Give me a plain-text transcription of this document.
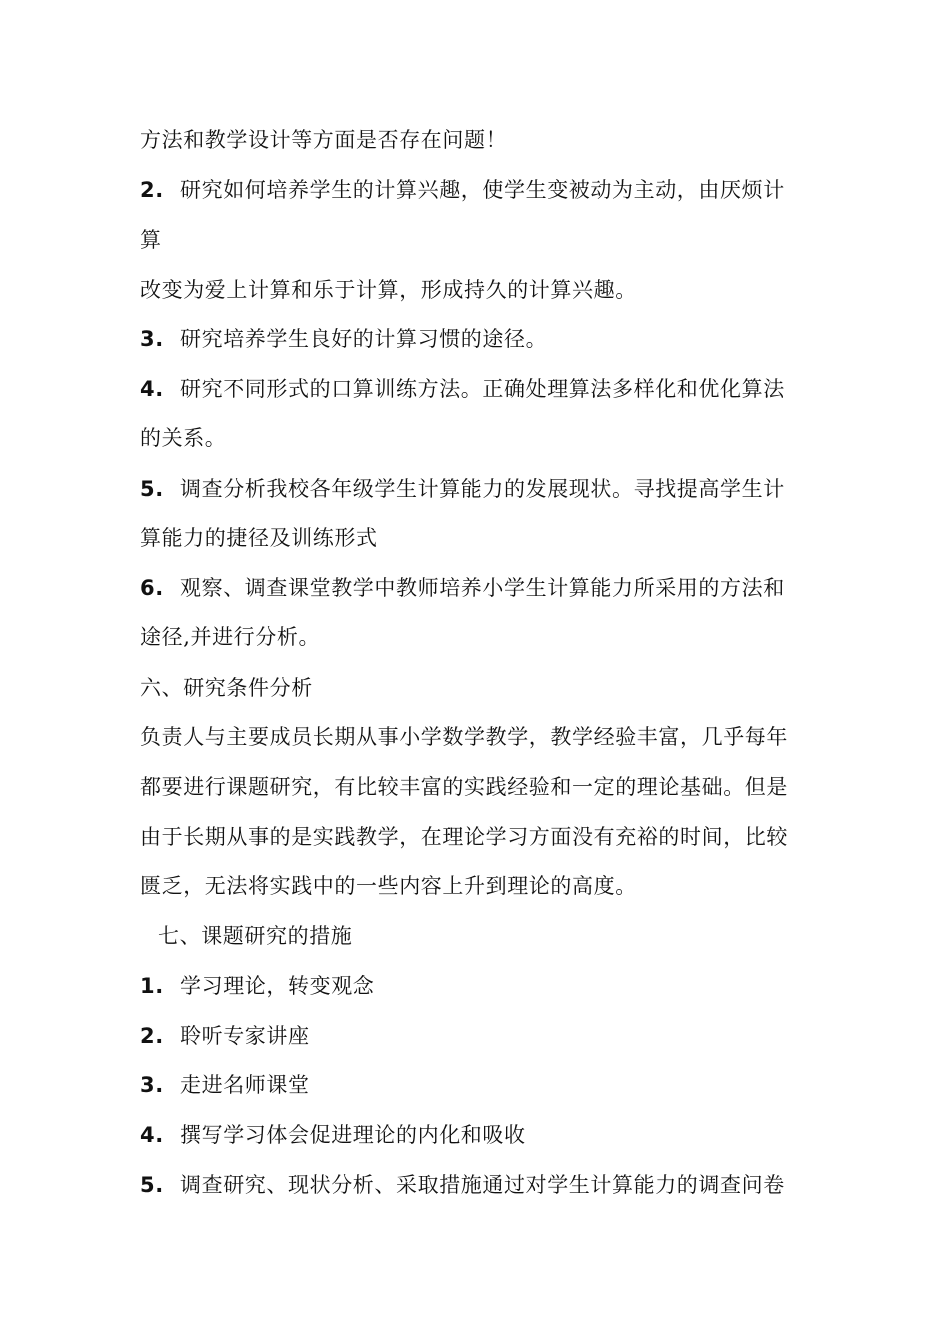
方法和教学设计等方面是否存在问题！
2. 研究如何培养学生的计算兴趣，使学生变被动为主动，由厌烦计
算
改变为爱上计算和乐于计算，形成持久的计算兴趣。
3. 研究培养学生良好的计算习惯的途径。
4. 研究不同形式的口算训练方法。正确处理算法多样化和优化算法
的关系。
5. 调查分析我校各年级学生计算能力的发展现状。寻找提高学生计
算能力的捷径及训练形式
6. 观察、调查课堂教学中教师培养小学生计算能力所采用的方法和
途径,并进行分析。
六、研究条件分析
负责人与主要成员长期从事小学数学教学，教学经验丰富，几乎每年
都要进行课题研究，有比较丰富的实践经验和一定的理论基础。但是
由于长期从事的是实践教学，在理论学习方面没有充裕的时间，比较
匮乏，无法将实践中的一些内容上升到理论的高度。
七、课题研究的措施
1. 学习理论，转变观念
2. 聆听专家讲座
3. 走进名师课堂
4. 撰写学习体会促进理论的内化和吸收
5. 调查研究、现状分析、采取措施通过对学生计算能力的调查问卷
